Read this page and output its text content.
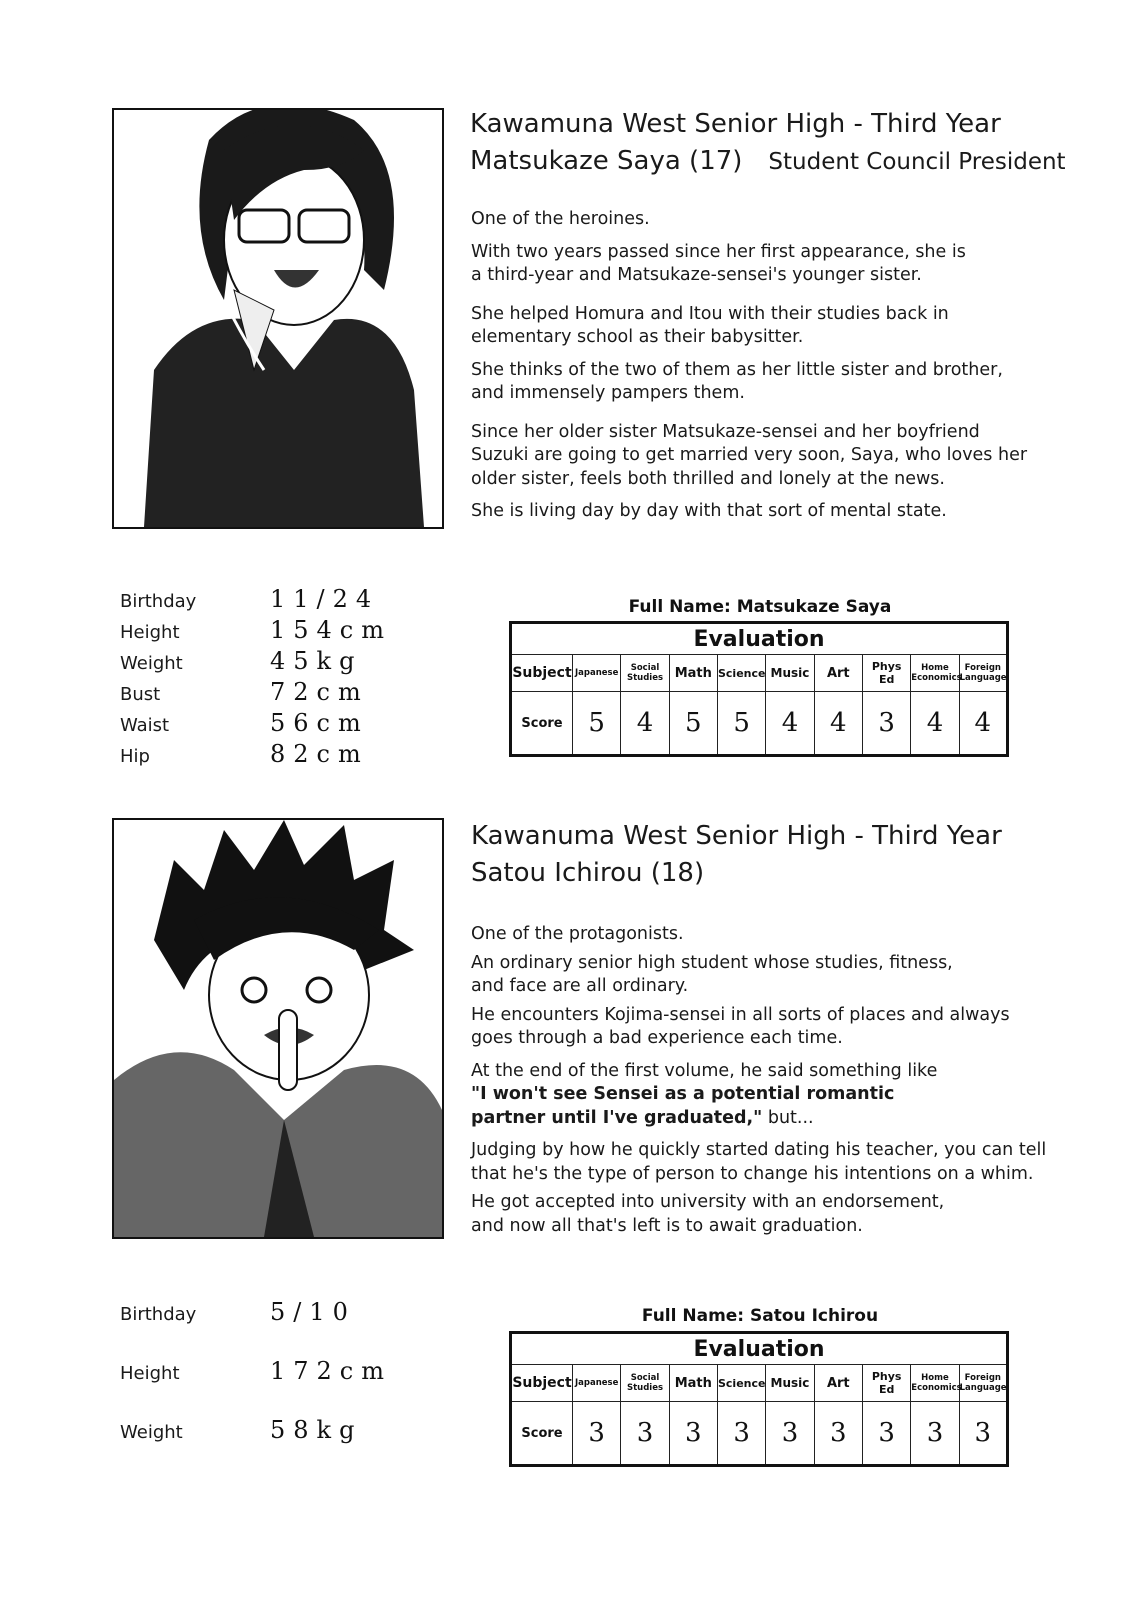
Kawamuna West Senior High - Third Year
Matsukaze Saya (17) Student Council President

One of the heroines.

With two years passed since her first appearance, she is a third-year and Matsukaze-sensei's younger sister.

She helped Homura and Itou with their studies back in elementary school as their babysitter.

She thinks of the two of them as her little sister and brother, and immensely pampers them.

Since her older sister Matsukaze-sensei and her boyfriend Suzuki are going to get married very soon, Saya, who loves her older sister, feels both thrilled and lonely at the news.

She is living day by day with that sort of mental state.

Birthday	11/24
Height	154cm
Weight	45kg
Bust	72cm
Waist	56cm
Hip	82cm
Full Name: Matsukaze Saya
Evaluation									
Subject	Japanese	Social Studies	Math	Science	Music	Art	Phys Ed	Home Economics	Foreign Language
Score	5	4	5	5	4	4	3	4	4
Kawanuma West Senior High - Third Year
Satou Ichirou (18)

One of the protagonists.

An ordinary senior high student whose studies, fitness, and face are all ordinary.

He encounters Kojima-sensei in all sorts of places and always goes through a bad experience each time.

At the end of the first volume, he said something like
"I won't see Sensei as a potential romantic partner until I've graduated," but...

Judging by how he quickly started dating his teacher, you can tell that he's the type of person to change his intentions on a whim.

He got accepted into university with an endorsement, and now all that's left is to await graduation.

Birthday	5/10
Height	172cm
Weight	58kg
Full Name: Satou Ichirou
Evaluation									
Subject	Japanese	Social Studies	Math	Science	Music	Art	Phys Ed	Home Economics	Foreign Language
Score	3	3	3	3	3	3	3	3	3
